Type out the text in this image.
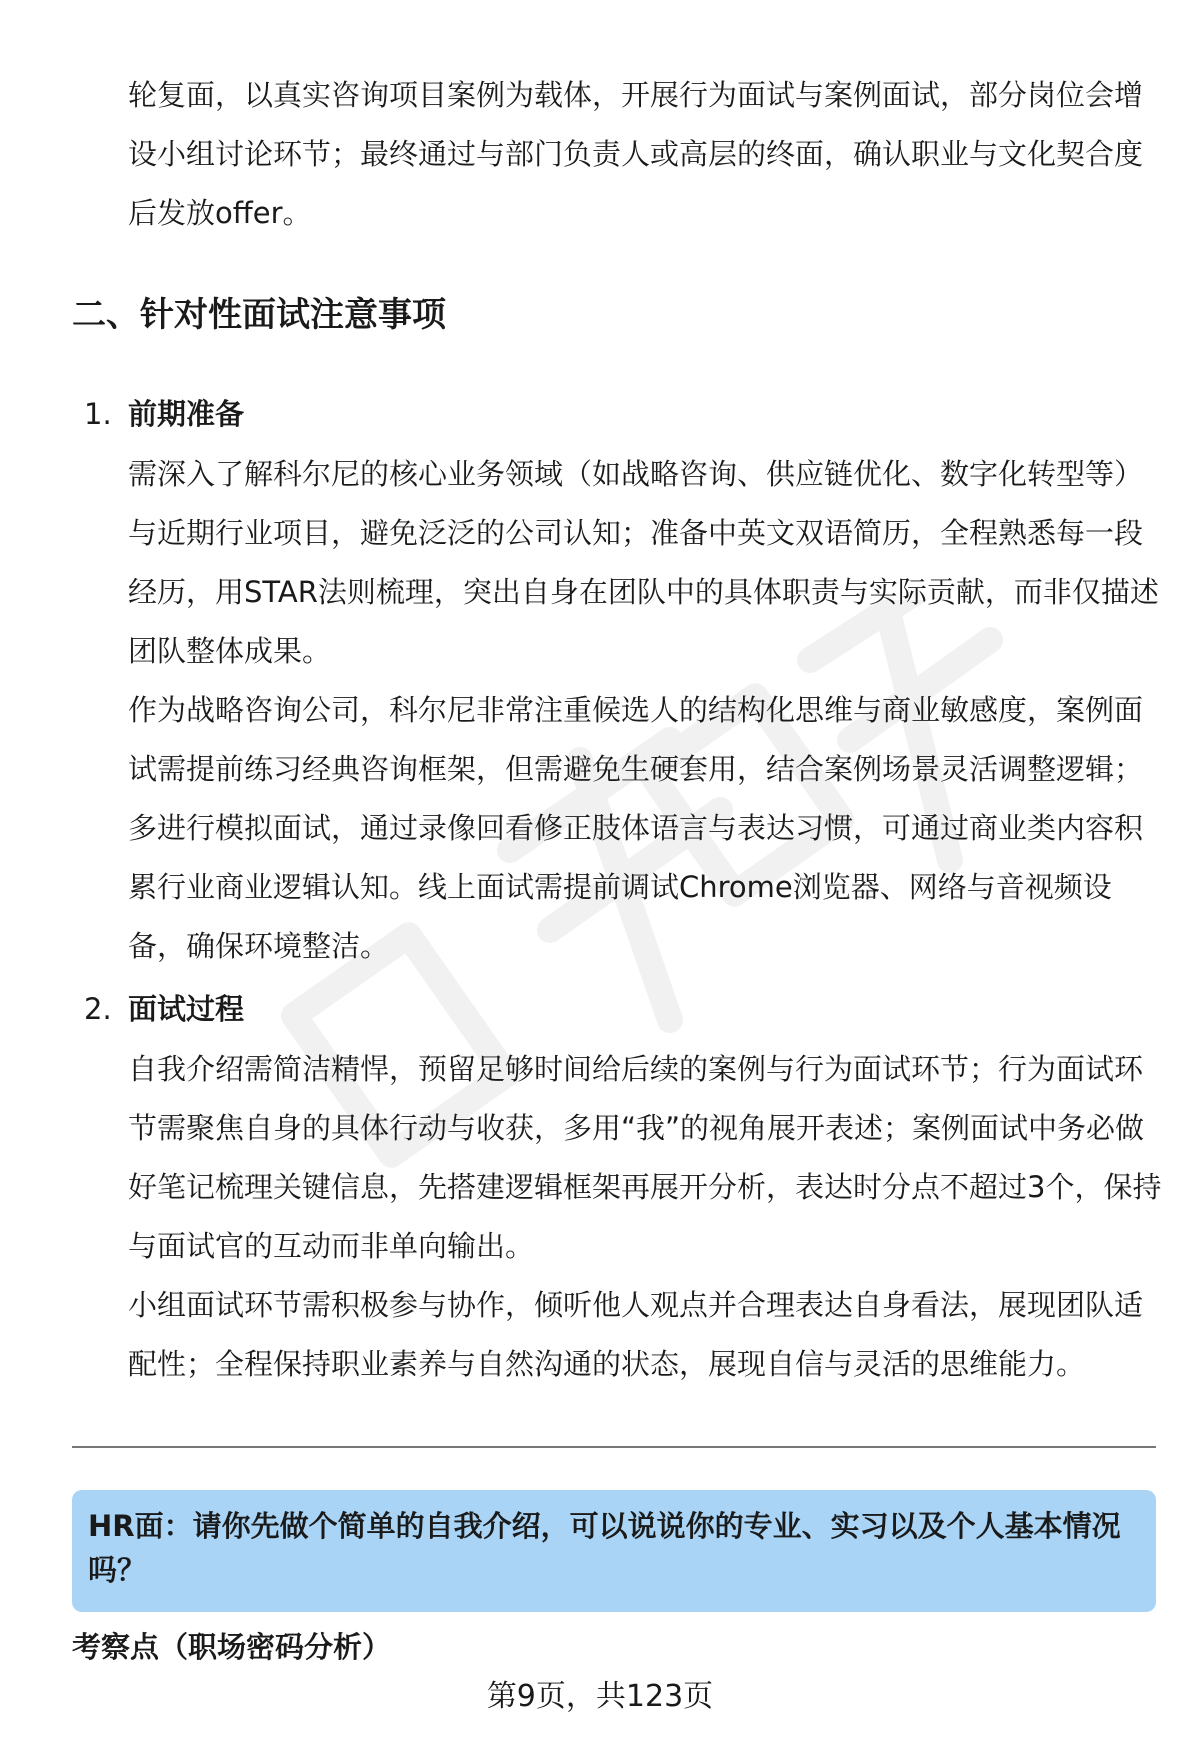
轮复面，以真实咨询项目案例为载体，开展行为面试与案例面试，部分岗位会增设小组讨论环节；最终通过与部门负责人或高层的终面，确认职业与文化契合度后发放offer。

二、针对性面试注意事项
1. 前期准备

需深入了解科尔尼的核心业务领域（如战略咨询、供应链优化、数字化转型等）与近期行业项目，避免泛泛的公司认知；准备中英文双语简历，全程熟悉每一段经历，用STAR法则梳理，突出自身在团队中的具体职责与实际贡献，而非仅描述团队整体成果。

作为战略咨询公司，科尔尼非常注重候选人的结构化思维与商业敏感度，案例面试需提前练习经典咨询框架，但需避免生硬套用，结合案例场景灵活调整逻辑；多进行模拟面试，通过录像回看修正肢体语言与表达习惯，可通过商业类内容积累行业商业逻辑认知。线上面试需提前调试Chrome浏览器、网络与音视频设备，确保环境整洁。

2. 面试过程

自我介绍需简洁精悍，预留足够时间给后续的案例与行为面试环节；行为面试环节需聚焦自身的具体行动与收获，多用“我”的视角展开表述；案例面试中务必做好笔记梳理关键信息，先搭建逻辑框架再展开分析，表达时分点不超过3个，保持与面试官的互动而非单向输出。

小组面试环节需积极参与协作，倾听他人观点并合理表达自身看法，展现团队适配性；全程保持职业素养与自然沟通的状态，展现自信与灵活的思维能力。

HR面：请你先做个简单的自我介绍，可以说说你的专业、实习以及个人基本情况吗？
考察点（职场密码分析）
第9页，共123页
